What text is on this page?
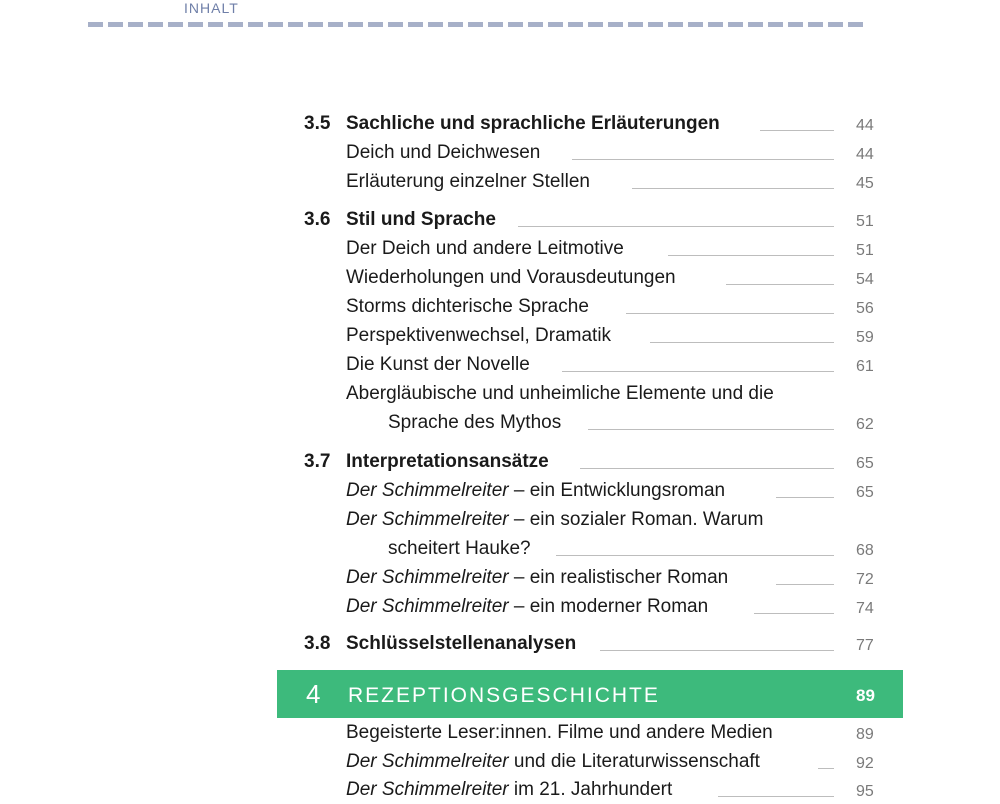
INHALT
3.5 Sachliche und sprachliche Erläuterungen	44
Deich und Deichwesen	44
Erläuterung einzelner Stellen	45
3.6 Stil und Sprache	51
Der Deich und andere Leitmotive	51
Wiederholungen und Vorausdeutungen	54
Storms dichterische Sprache	56
Perspektivenwechsel, Dramatik	59
Die Kunst der Novelle	61
Abergläubische und unheimliche Elemente und die
Sprache des Mythos	62
3.7 Interpretationsansätze	65
Der Schimmelreiter – ein Entwicklungsroman	65
Der Schimmelreiter – ein sozialer Roman. Warum
scheitert Hauke?	68
Der Schimmelreiter – ein realistischer Roman	72
Der Schimmelreiter – ein moderner Roman	74
3.8 Schlüsselstellenanalysen	77
4 REZEPTIONSGESCHICHTE	89
Begeisterte Leser:innen. Filme und andere Medien	89
Der Schimmelreiter und die Literaturwissenschaft	92
Der Schimmelreiter im 21. Jahrhundert	95
